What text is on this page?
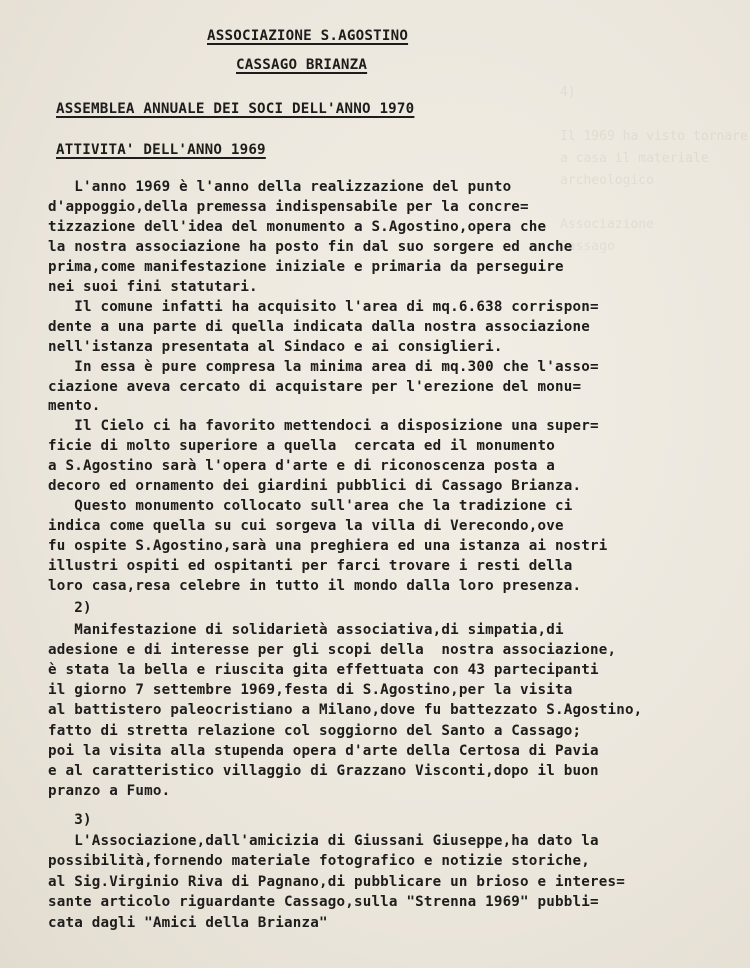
4)

Il 1969 ha visto tornare
a casa il materiale
archeologico

Associazione
Cassago

ASSOCIAZIONE S.AGOSTINO
CASSAGO BRIANZA
ASSEMBLEA ANNUALE DEI SOCI DELL'ANNO 1970
ATTIVITA' DELL'ANNO 1969
L'anno 1969 è l'anno della realizzazione del punto
d'appoggio,della premessa indispensabile per la concre=
tizzazione dell'idea del monumento a S.Agostino,opera che
la nostra associazione ha posto fin dal suo sorgere ed anche
prima,come manifestazione iniziale e primaria da perseguire
nei suoi fini statutari.
Il comune infatti ha acquisito l'area di mq.6.638 corrispon=
dente a una parte di quella indicata dalla nostra associazione
nell'istanza presentata al Sindaco e ai consiglieri.
In essa è pure compresa la minima area di mq.300 che l'asso=
ciazione aveva cercato di acquistare per l'erezione del monu=
mento.
Il Cielo ci ha favorito mettendoci a disposizione una super=
ficie di molto superiore a quella  cercata ed il monumento
a S.Agostino sarà l'opera d'arte e di riconoscenza posta a
decoro ed ornamento dei giardini pubblici di Cassago Brianza.
Questo monumento collocato sull'area che la tradizione ci
indica come quella su cui sorgeva la villa di Verecondo,ove
fu ospite S.Agostino,sarà una preghiera ed una istanza ai nostri
illustri ospiti ed ospitanti per farci trovare i resti della
loro casa,resa celebre in tutto il mondo dalla loro presenza.
2)
Manifestazione di solidarietà associativa,di simpatia,di
adesione e di interesse per gli scopi della  nostra associazione,
è stata la bella e riuscita gita effettuata con 43 partecipanti
il giorno 7 settembre 1969,festa di S.Agostino,per la visita
al battistero paleocristiano a Milano,dove fu battezzato S.Agostino,
fatto di stretta relazione col soggiorno del Santo a Cassago;
poi la visita alla stupenda opera d'arte della Certosa di Pavia
e al caratteristico villaggio di Grazzano Visconti,dopo il buon
pranzo a Fumo.
3)
L'Associazione,dall'amicizia di Giussani Giuseppe,ha dato la
possibilità,fornendo materiale fotografico e notizie storiche,
al Sig.Virginio Riva di Pagnano,di pubblicare un brioso e interes=
sante articolo riguardante Cassago,sulla "Strenna 1969" pubbli=
cata dagli "Amici della Brianza"
